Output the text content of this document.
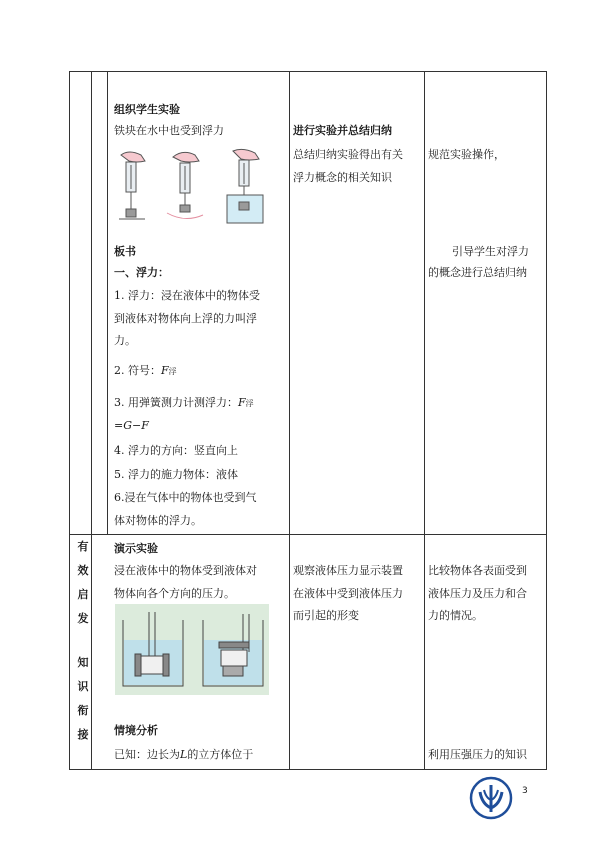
组织学生实验
铁块在水中也受到浮力
板书
一、浮力：
1. 浮力：浸在液体中的物体受
到液体对物体向上浮的力叫浮
力。
2. 符号：F浮
3. 用弹簧测力计测浮力：F浮
=G−F
4. 浮力的方向：竖直向上
5. 浮力的施力物体：液体
6.浸在气体中的物体也受到气
体对物体的浮力。
进行实验并总结归纳
总结归纳实验得出有关
浮力概念的相关知识
规范实验操作，
引导学生对浮力
的概念进行总结归纳
有
效
启
发
知
识
衔
接
演示实验
浸在液体中的物体受到液体对
物体向各个方向的压力。
情境分析
已知：边长为L的立方体位于
观察液体压力显示装置
在液体中受到液体压力
而引起的形变
比较物体各表面受到
液体压力及压力和合
力的情况。
利用压强压力的知识
3
